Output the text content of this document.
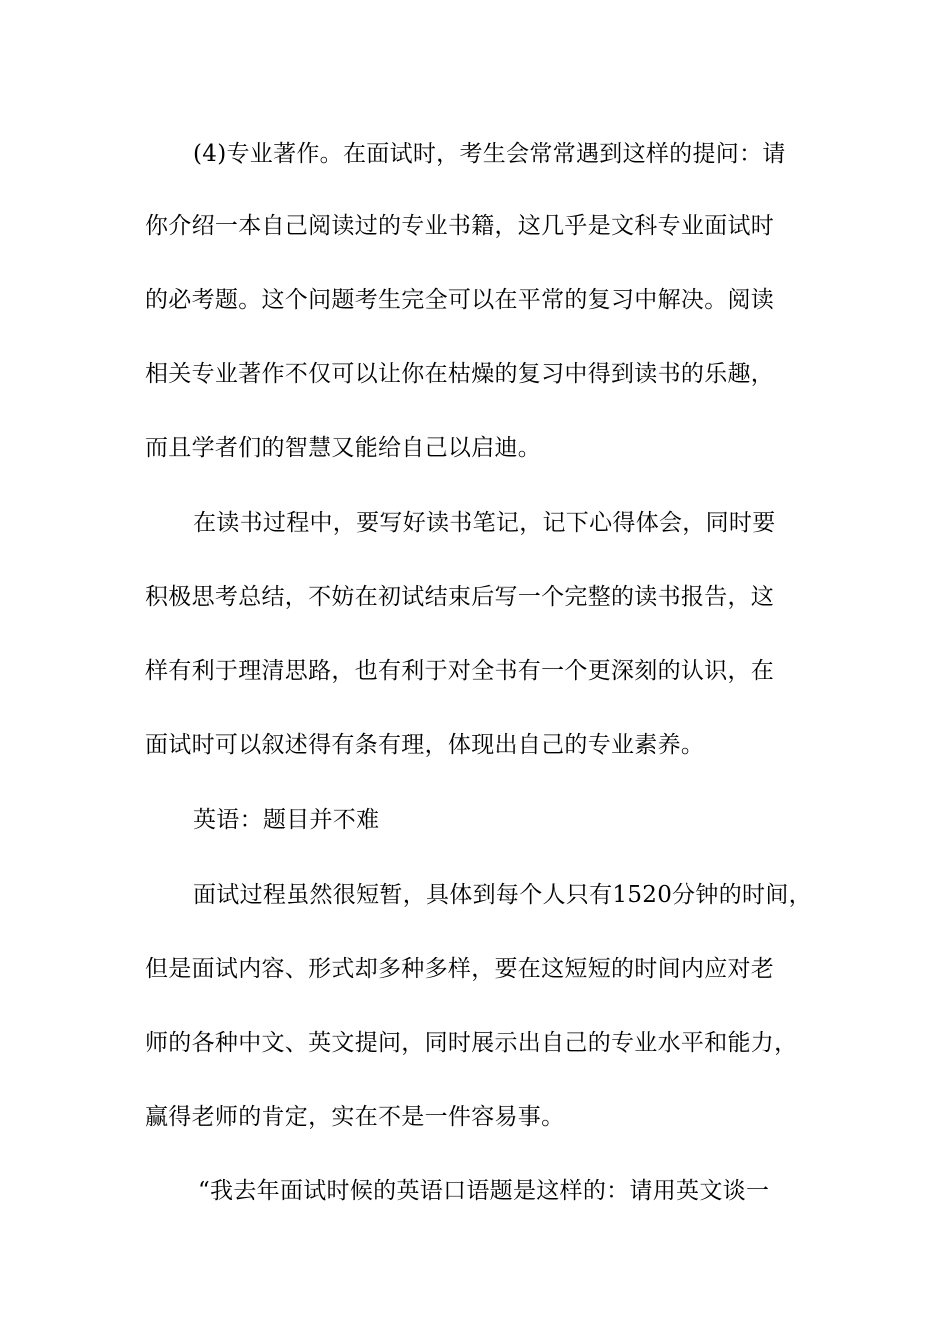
(4)专业著作。在面试时，考生会常常遇到这样的提问：请
你介绍一本自己阅读过的专业书籍，这几乎是文科专业面试时
的必考题。这个问题考生完全可以在平常的复习中解决。阅读
相关专业著作不仅可以让你在枯燥的复习中得到读书的乐趣，
而且学者们的智慧又能给自己以启迪。
在读书过程中，要写好读书笔记，记下心得体会，同时要
积极思考总结，不妨在初试结束后写一个完整的读书报告，这
样有利于理清思路，也有利于对全书有一个更深刻的认识，在
面试时可以叙述得有条有理，体现出自己的专业素养。
英语：题目并不难
面试过程虽然很短暂，具体到每个人只有1520分钟的时间，
但是面试内容、形式却多种多样，要在这短短的时间内应对老
师的各种中文、英文提问，同时展示出自己的专业水平和能力，
赢得老师的肯定，实在不是一件容易事。
“我去年面试时候的英语口语题是这样的：请用英文谈一
